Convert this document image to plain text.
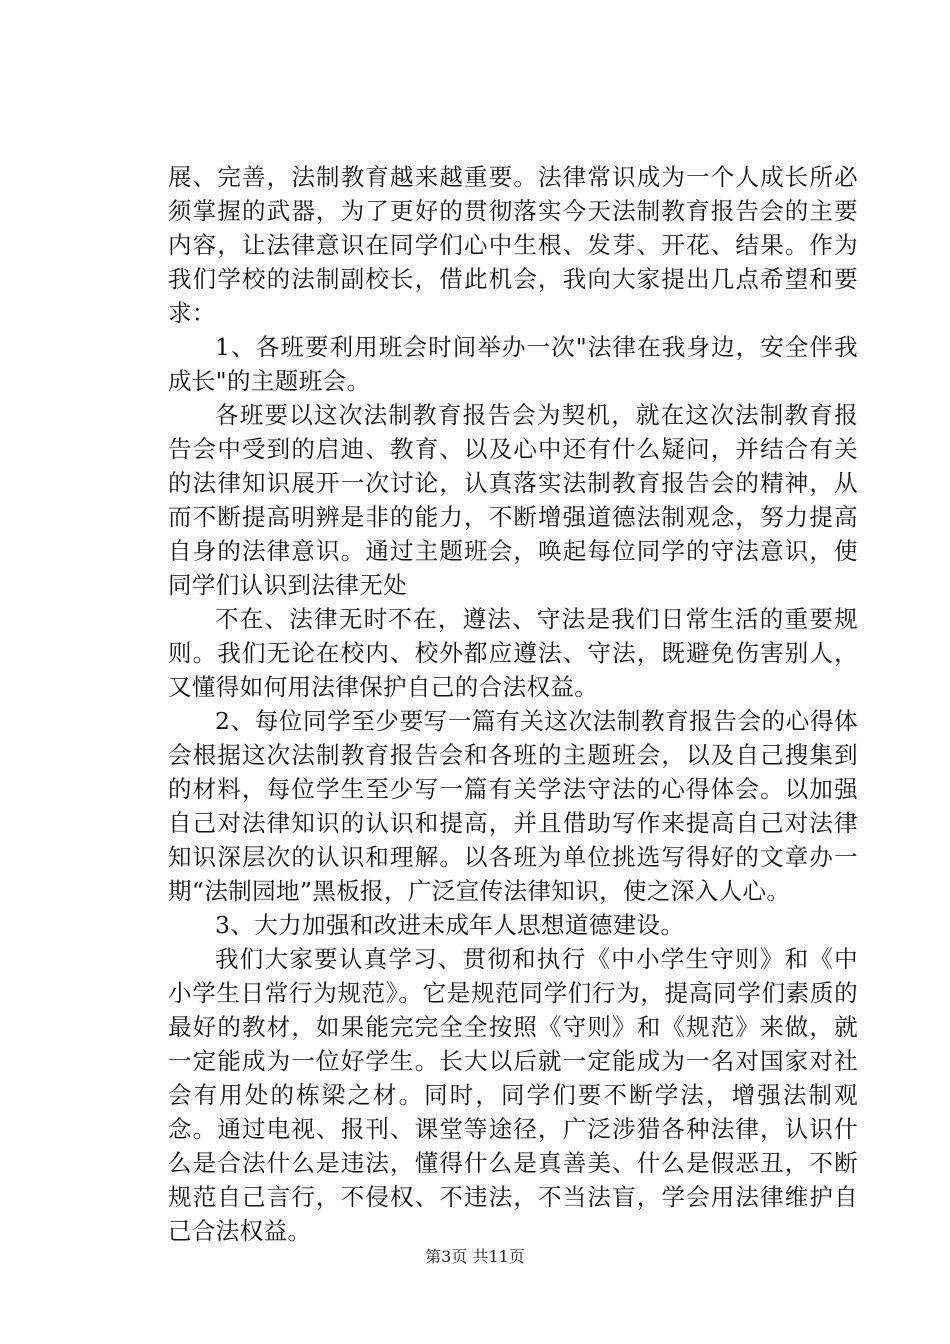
展、完善，法制教育越来越重要。法律常识成为一个人成长所必须掌握的武器，为了更好的贯彻落实今天法制教育报告会的主要内容，让法律意识在同学们心中生根、发芽、开花、结果。作为我们学校的法制副校长，借此机会，我向大家提出几点希望和要求：

1、各班要利用班会时间举办一次"法律在我身边，安全伴我成长"的主题班会。

各班要以这次法制教育报告会为契机，就在这次法制教育报告会中受到的启迪、教育、以及心中还有什么疑问，并结合有关的法律知识展开一次讨论，认真落实法制教育报告会的精神，从而不断提高明辨是非的能力，不断增强道德法制观念，努力提高自身的法律意识。通过主题班会，唤起每位同学的守法意识，使同学们认识到法律无处

不在、法律无时不在，遵法、守法是我们日常生活的重要规则。我们无论在校内、校外都应遵法、守法，既避免伤害别人，又懂得如何用法律保护自己的合法权益。

2、每位同学至少要写一篇有关这次法制教育报告会的心得体会根据这次法制教育报告会和各班的主题班会，以及自己搜集到的材料，每位学生至少写一篇有关学法守法的心得体会。以加强自己对法律知识的认识和提高，并且借助写作来提高自己对法律知识深层次的认识和理解。以各班为单位挑选写得好的文章办一期“法制园地”黑板报，广泛宣传法律知识，使之深入人心。

3、大力加强和改进未成年人思想道德建设。

我们大家要认真学习、贯彻和执行《中小学生守则》和《中小学生日常行为规范》。它是规范同学们行为，提高同学们素质的最好的教材，如果能完完全全按照《守则》和《规范》来做，就一定能成为一位好学生。长大以后就一定能成为一名对国家对社会有用处的栋梁之材。同时，同学们要不断学法，增强法制观念。通过电视、报刊、课堂等途径，广泛涉猎各种法律，认识什么是合法什么是违法，懂得什么是真善美、什么是假恶丑，不断规范自己言行，不侵权、不违法，不当法盲，学会用法律维护自己合法权益。

第3页 共11页
